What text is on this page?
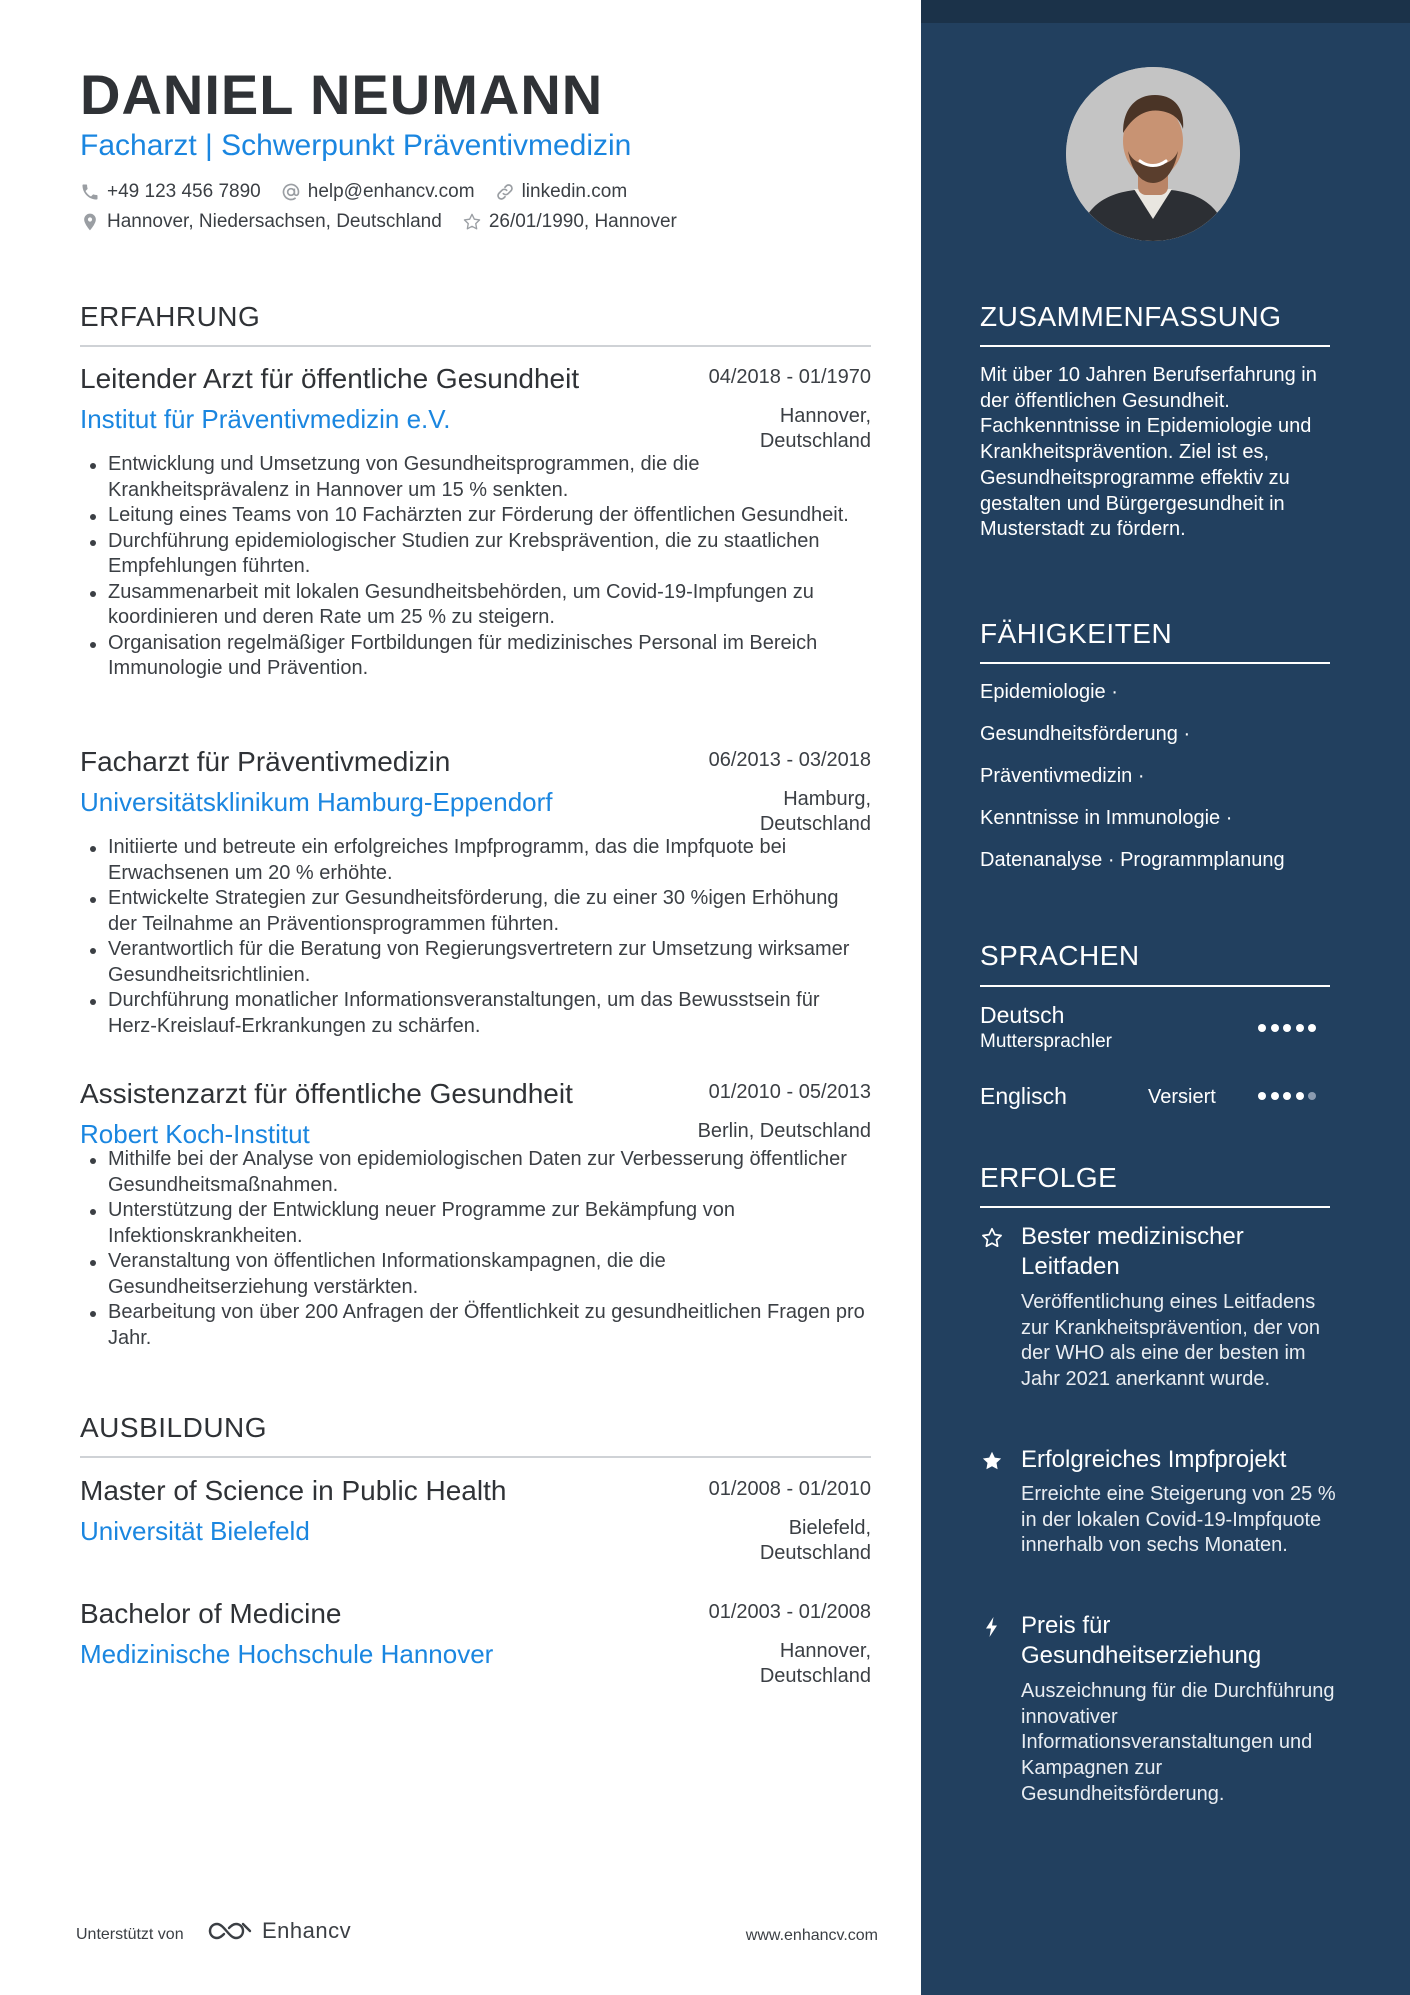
DANIEL NEUMANN
Facharzt | Schwerpunkt Präventivmedizin
+49 123 456 7890 help@enhancv.com linkedin.com
Hannover, Niedersachsen, Deutschland 26/01/1990, Hannover
ERFAHRUNG
Leitender Arzt für öffentliche Gesundheit	04/2018 - 01/1970
Institut für Präventivmedizin e.V.	Hannover, Deutschland
Entwicklung und Umsetzung von Gesundheitsprogrammen, die die Krankheitsprävalenz in Hannover um 15 % senkten.
Leitung eines Teams von 10 Fachärzten zur Förderung der öffentlichen Gesundheit.
Durchführung epidemiologischer Studien zur Krebsprävention, die zu staatlichen Empfehlungen führten.
Zusammenarbeit mit lokalen Gesundheitsbehörden, um Covid-19-Impfungen zu koordinieren und deren Rate um 25 % zu steigern.
Organisation regelmäßiger Fortbildungen für medizinisches Personal im Bereich Immunologie und Prävention.
Facharzt für Präventivmedizin	06/2013 - 03/2018
Universitätsklinikum Hamburg-Eppendorf	Hamburg, Deutschland
Initiierte und betreute ein erfolgreiches Impfprogramm, das die Impfquote bei Erwachsenen um 20 % erhöhte.
Entwickelte Strategien zur Gesundheitsförderung, die zu einer 30 %igen Erhöhung der Teilnahme an Präventionsprogrammen führten.
Verantwortlich für die Beratung von Regierungsvertretern zur Umsetzung wirksamer Gesundheitsrichtlinien.
Durchführung monatlicher Informationsveranstaltungen, um das Bewusstsein für Herz-Kreislauf-Erkrankungen zu schärfen.
Assistenzarzt für öffentliche Gesundheit	01/2010 - 05/2013
Robert Koch-Institut	Berlin, Deutschland
Mithilfe bei der Analyse von epidemiologischen Daten zur Verbesserung öffentlicher Gesundheitsmaßnahmen.
Unterstützung der Entwicklung neuer Programme zur Bekämpfung von Infektionskrankheiten.
Veranstaltung von öffentlichen Informationskampagnen, die die Gesundheitserziehung verstärkten.
Bearbeitung von über 200 Anfragen der Öffentlichkeit zu gesundheitlichen Fragen pro Jahr.
AUSBILDUNG
Master of Science in Public Health	01/2008 - 01/2010
Universität Bielefeld	Bielefeld, Deutschland
Bachelor of Medicine	01/2003 - 01/2008
Medizinische Hochschule Hannover	Hannover, Deutschland
Unterstützt von	Enhancv	www.enhancv.com
ZUSAMMENFASSUNG
Mit über 10 Jahren Berufserfahrung in der öffentlichen Gesundheit. Fachkenntnisse in Epidemiologie und Krankheitsprävention. Ziel ist es, Gesundheitsprogramme effektiv zu gestalten und Bürgergesundheit in Musterstadt zu fördern.
FÄHIGKEITEN
Epidemiologie ·
Gesundheitsförderung ·
Präventivmedizin ·
Kenntnisse in Immunologie ·
Datenanalyse · Programmplanung
SPRACHEN
Deutsch
Muttersprachler
Englisch	Versiert
ERFOLGE
Bester medizinischer Leitfaden
Veröffentlichung eines Leitfadens zur Krankheitsprävention, der von der WHO als eine der besten im Jahr 2021 anerkannt wurde.
Erfolgreiches Impfprojekt
Erreichte eine Steigerung von 25 % in der lokalen Covid-19-Impfquote innerhalb von sechs Monaten.
Preis für Gesundheitserziehung
Auszeichnung für die Durchführung innovativer Informationsveranstaltungen und Kampagnen zur Gesundheitsförderung.
